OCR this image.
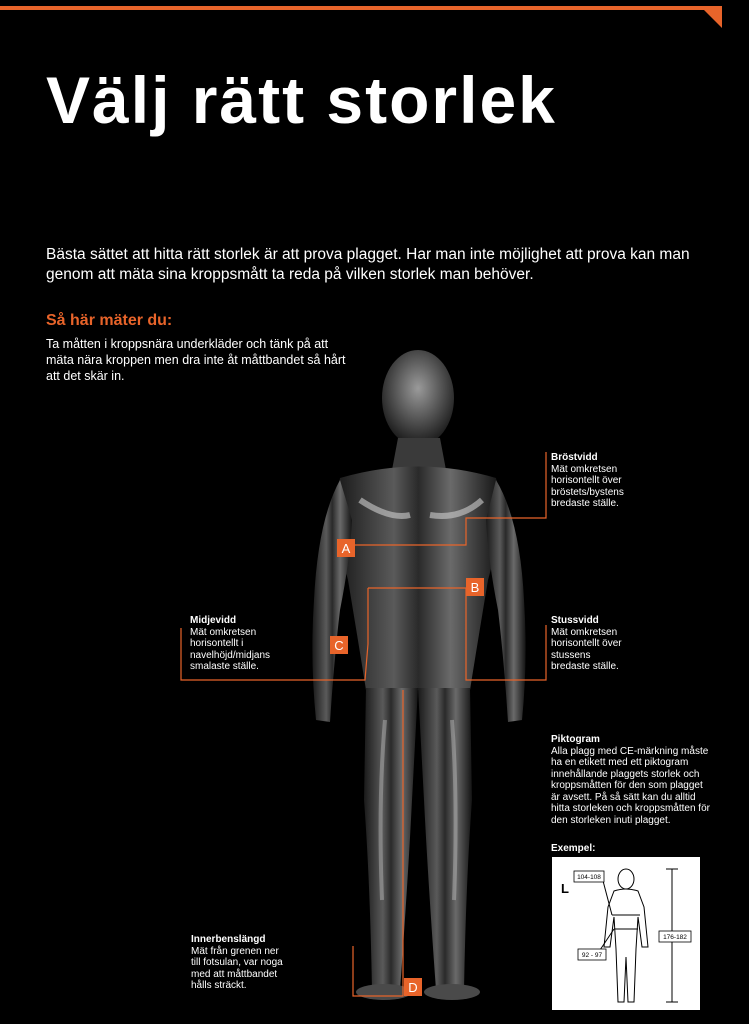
Välj rätt storlek
Bästa sättet att hitta rätt storlek är att prova plagget. Har man inte möjlighet att prova kan man genom att mäta sina kroppsmått ta reda på vilken storlek man behöver.
Så här mäter du:
Ta måtten i kroppsnära underkläder och tänk på att mäta nära kroppen men dra inte åt måttbandet så hårt att det skär in.
A
B
C
D
Bröstvidd
Mät omkretsen horisontellt över bröstets/bystens bredaste ställe.
Midjevidd
Mät omkretsen horisontellt i navelhöjd/midjans smalaste ställe.
Stussvidd
Mät omkretsen horisontellt över stussens bredaste ställe.
Innerbenslängd
Mät från grenen ner till fotsulan, var noga med att måttbandet hålls sträckt.
Piktogram
Alla plagg med CE-märkning måste ha en etikett med ett piktogram innehållande plaggets storlek och kroppsmåtten för den som plagget är avsett. På så sätt kan du alltid hitta storleken och kroppsmåtten för den storleken inuti plagget.
Exempel:
L
104-108
92 - 97
176-182
